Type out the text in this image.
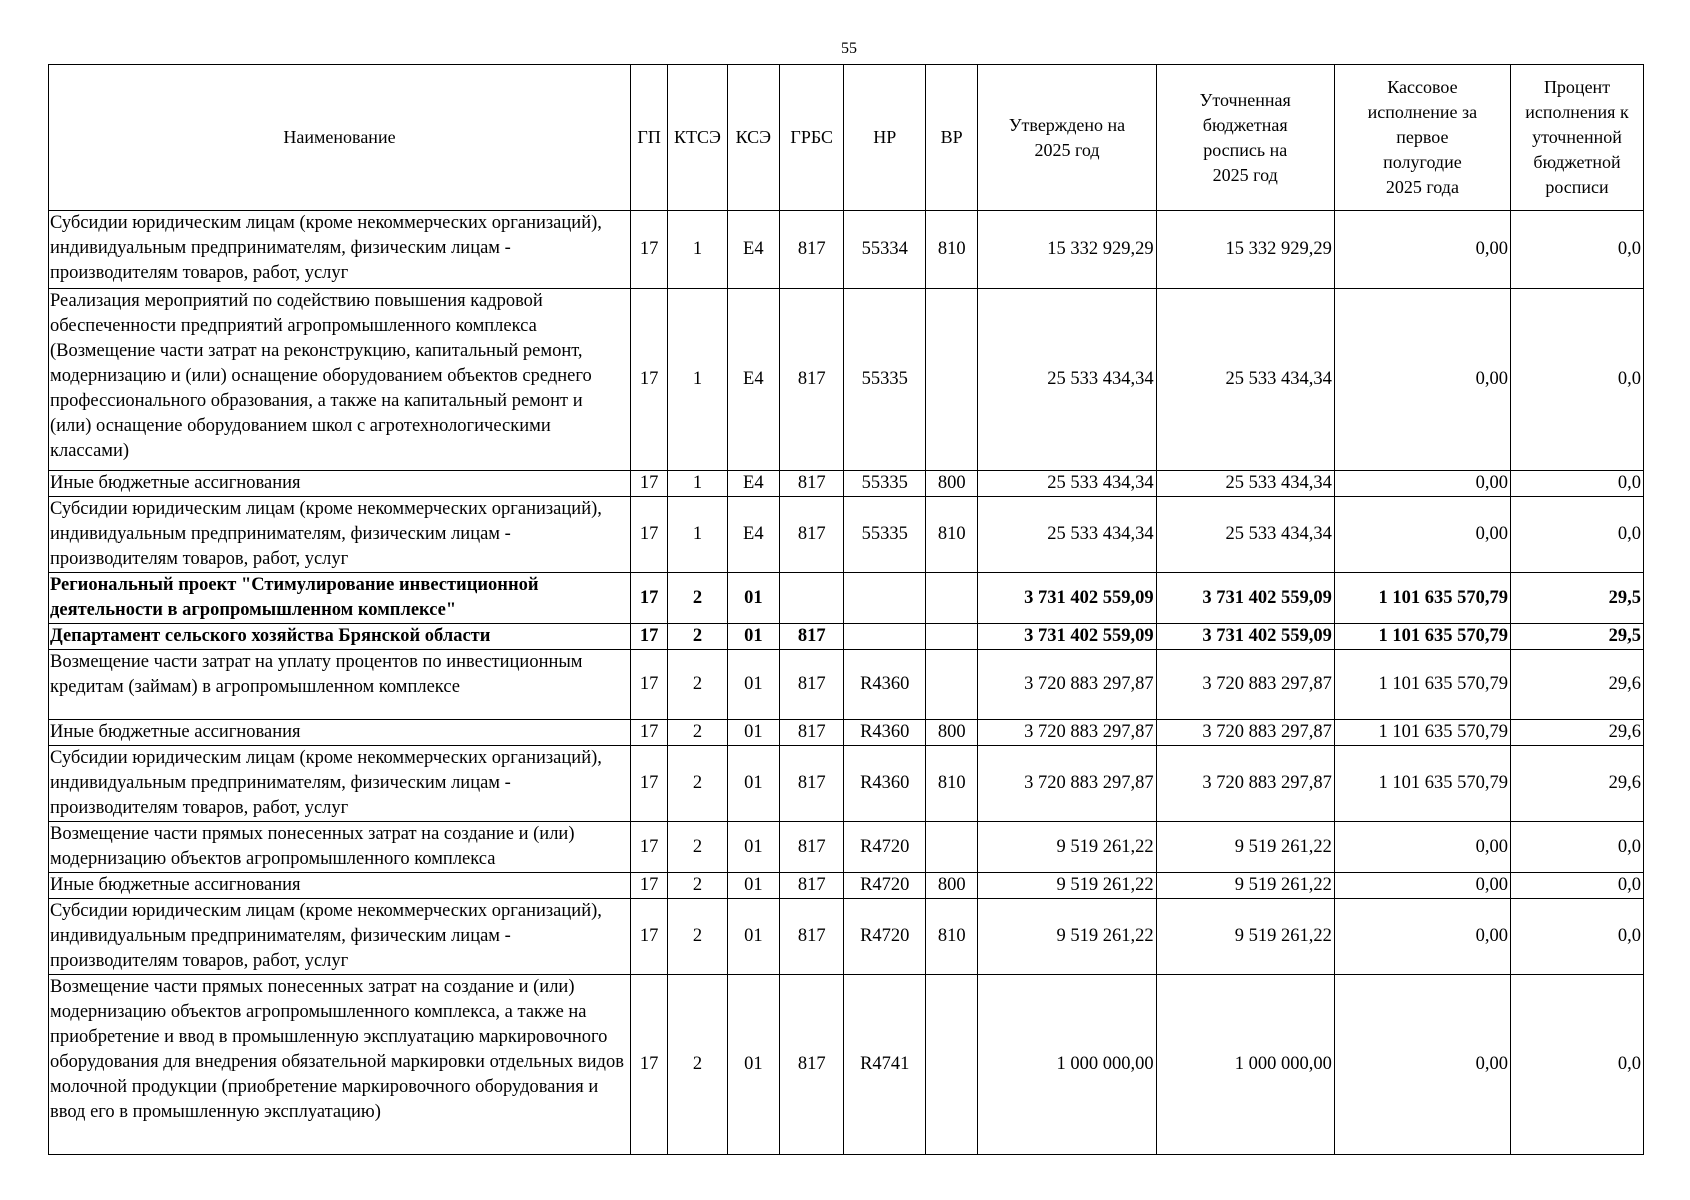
55
Наименование	ГП	КТСЭ	КСЭ	ГРБС	НР	ВР	Утверждено на 2025 год	Уточненная бюджетная роспись на 2025 год	Кассовое исполнение за первое полугодие 2025 года	Процент исполнения к уточненной бюджетной росписи
Субсидии юридическим лицам (кроме некоммерческих организаций), индивидуальным предпринимателям, физическим лицам - производителям товаров, работ, услуг	17	1	Е4	817	55334	810	15 332 929,29	15 332 929,29	0,00	0,0
Реализация мероприятий по содействию повышения кадровой обеспеченности предприятий агропромышленного комплекса (Возмещение части затрат на реконструкцию, капитальный ремонт, модернизацию и (или) оснащение оборудованием объектов среднего профессионального образования, а также на капитальный ремонт и (или) оснащение оборудованием школ с агротехнологическими классами)	17	1	Е4	817	55335		25 533 434,34	25 533 434,34	0,00	0,0
Иные бюджетные ассигнования	17	1	Е4	817	55335	800	25 533 434,34	25 533 434,34	0,00	0,0
Субсидии юридическим лицам (кроме некоммерческих организаций), индивидуальным предпринимателям, физическим лицам - производителям товаров, работ, услуг	17	1	Е4	817	55335	810	25 533 434,34	25 533 434,34	0,00	0,0
Региональный проект "Стимулирование инвестиционной деятельности в агропромышленном комплексе"	17	2	01				3 731 402 559,09	3 731 402 559,09	1 101 635 570,79	29,5
Департамент сельского хозяйства Брянской области	17	2	01	817			3 731 402 559,09	3 731 402 559,09	1 101 635 570,79	29,5
Возмещение части затрат на уплату процентов по инвестиционным кредитам (займам) в агропромышленном комплексе	17	2	01	817	R4360		3 720 883 297,87	3 720 883 297,87	1 101 635 570,79	29,6
Иные бюджетные ассигнования	17	2	01	817	R4360	800	3 720 883 297,87	3 720 883 297,87	1 101 635 570,79	29,6
Субсидии юридическим лицам (кроме некоммерческих организаций), индивидуальным предпринимателям, физическим лицам - производителям товаров, работ, услуг	17	2	01	817	R4360	810	3 720 883 297,87	3 720 883 297,87	1 101 635 570,79	29,6
Возмещение части прямых понесенных затрат на создание и (или) модернизацию объектов агропромышленного комплекса	17	2	01	817	R4720		9 519 261,22	9 519 261,22	0,00	0,0
Иные бюджетные ассигнования	17	2	01	817	R4720	800	9 519 261,22	9 519 261,22	0,00	0,0
Субсидии юридическим лицам (кроме некоммерческих организаций), индивидуальным предпринимателям, физическим лицам - производителям товаров, работ, услуг	17	2	01	817	R4720	810	9 519 261,22	9 519 261,22	0,00	0,0
Возмещение части прямых понесенных затрат на создание и (или) модернизацию объектов агропромышленного комплекса, а также на приобретение и ввод в промышленную эксплуатацию маркировочного оборудования для внедрения обязательной маркировки отдельных видов молочной продукции (приобретение маркировочного оборудования и ввод его в промышленную эксплуатацию)	17	2	01	817	R4741		1 000 000,00	1 000 000,00	0,00	0,0
